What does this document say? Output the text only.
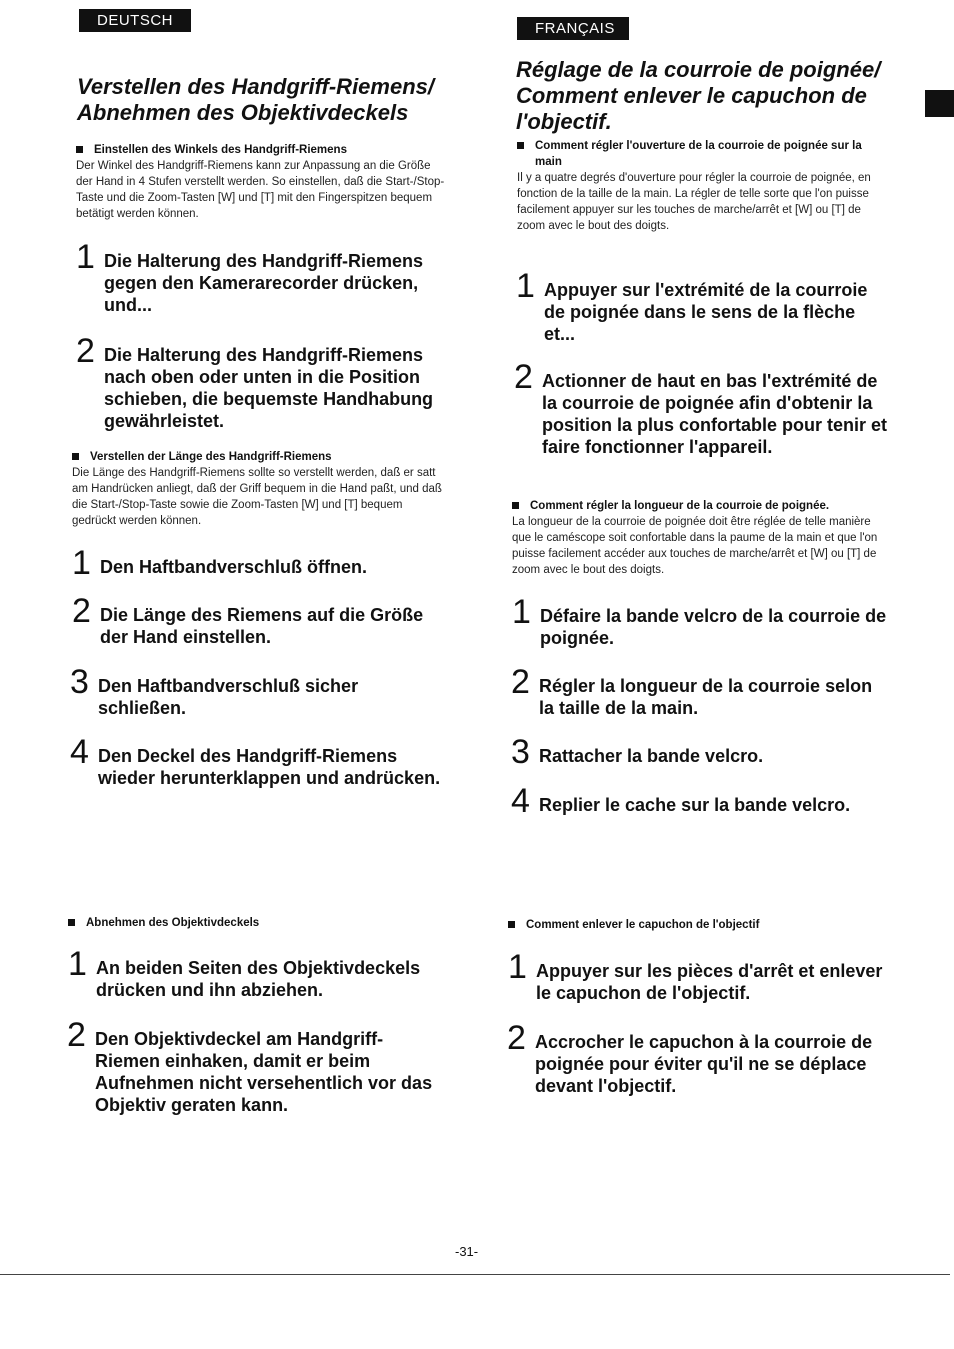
DEUTSCH
Verstellen des Handgriff-Riemens/ Abnehmen des Objektivdeckels
Einstellen des Winkels des Handgriff-Riemens
Der Winkel des Handgriff-Riemens kann zur Anpassung an die Größe der Hand in 4 Stufen verstellt werden. So einstellen, daß die Start-/Stop-Taste und die Zoom-Tasten [W] und [T] mit den Fingerspitzen bequem betätigt werden können.
1 Die Halterung des Handgriff-Riemens gegen den Kamerarecorder drücken, und...
2 Die Halterung des Handgriff-Riemens nach oben oder unten in die Position schieben, die bequemste Handhabung gewährleistet.
Verstellen der Länge des Handgriff-Riemens
Die Länge des Handgriff-Riemens sollte so verstellt werden, daß er satt am Handrücken anliegt, daß der Griff bequem in die Hand paßt, und daß die Start-/Stop-Taste sowie die Zoom-Tasten [W] und [T] bequem gedrückt werden können.
1 Den Haftbandverschluß öffnen.
2 Die Länge des Riemens auf die Größe der Hand einstellen.
3 Den Haftbandverschluß sicher schließen.
4 Den Deckel des Handgriff-Riemens wieder herunterklappen und andrücken.
Abnehmen des Objektivdeckels
1 An beiden Seiten des Objektivdeckels drücken und ihn abziehen.
2 Den Objektivdeckel am Handgriff-Riemen einhaken, damit er beim Aufnehmen nicht versehentlich vor das Objektiv geraten kann.
FRANÇAIS
Réglage de la courroie de poignée/ Comment enlever le capuchon de l'objectif.
Comment régler l'ouverture de la courroie de poignée sur la main
Il y a quatre degrés d'ouverture pour régler la courroie de poignée, en fonction de la taille de la main. La régler de telle sorte que l'on puisse facilement appuyer sur les touches de marche/arrêt et [W] ou [T] de zoom avec le bout des doigts.
1 Appuyer sur l'extrémité de la courroie de poignée dans le sens de la flèche et...
2 Actionner de haut en bas l'extrémité de la courroie de poignée afin d'obtenir la position la plus confortable pour tenir et faire fonctionner l'appareil.
Comment régler la longueur de la courroie de poignée.
La longueur de la courroie de poignée doit être réglée de telle manière que le caméscope soit confortable dans la paume de la main et que l'on puisse facilement accéder aux touches de marche/arrêt et [W] ou [T] de zoom avec le bout des doigts.
1 Défaire la bande velcro de la courroie de poignée.
2 Régler la longueur de la courroie selon la taille de la main.
3 Rattacher la bande velcro.
4 Replier le cache sur la bande velcro.
Comment enlever le capuchon de l'objectif
1 Appuyer sur les pièces d'arrêt et enlever le capuchon de l'objectif.
2 Accrocher le capuchon à la courroie de poignée pour éviter qu'il ne se déplace devant l'objectif.
-31-
